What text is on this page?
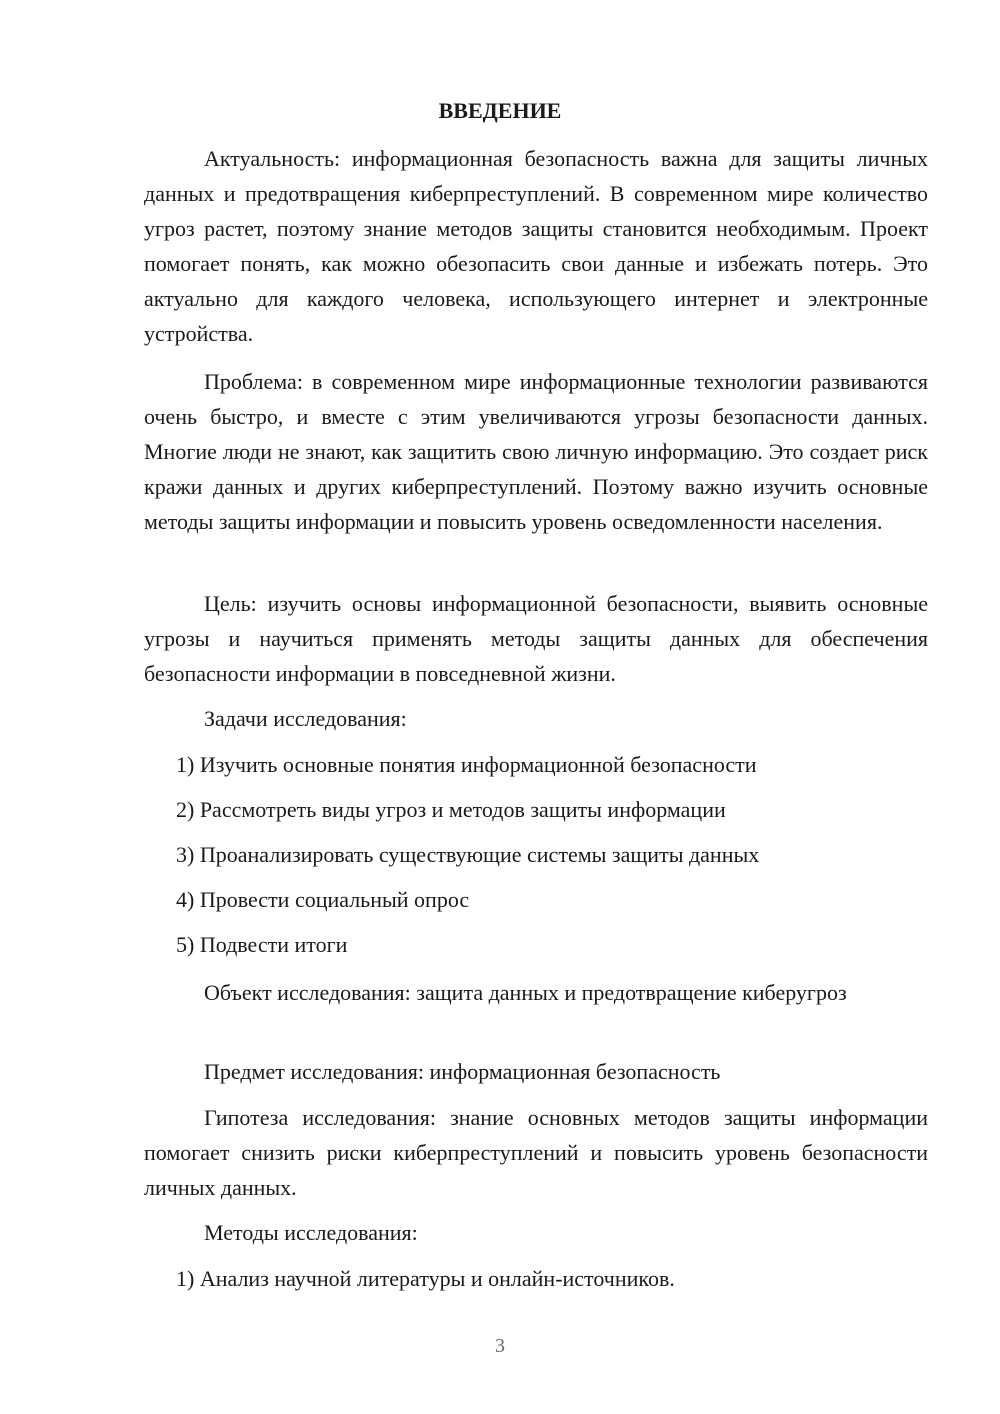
ВВЕДЕНИЕ

Актуальность: информационная безопасность важна для защиты личных данных и предотвращения киберпреступлений. В современном мире количество угроз растет, поэтому знание методов защиты становится необходимым. Проект помогает понять, как можно обезопасить свои данные и избежать потерь. Это актуально для каждого человека, использующего интернет и электронные устройства.

Проблема: в современном мире информационные технологии развиваются очень быстро, и вместе с этим увеличиваются угрозы безопасности данных. Многие люди не знают, как защитить свою личную информацию. Это создает риск кражи данных и других киберпреступлений. Поэтому важно изучить основные методы защиты информации и повысить уровень осведомленности населения.

Цель: изучить основы информационной безопасности, выявить основные угрозы и научиться применять методы защиты данных для обеспечения безопасности информации в повседневной жизни.

Задачи исследования:

1) Изучить основные понятия информационной безопасности

2) Рассмотреть виды угроз и методов защиты информации

3) Проанализировать существующие системы защиты данных

4) Провести социальный опрос

5) Подвести итоги

Объект исследования: защита данных и предотвращение киберугроз

Предмет исследования: информационная безопасность

Гипотеза исследования: знание основных методов защиты информации помогает снизить риски киберпреступлений и повысить уровень безопасности личных данных.

Методы исследования:

1) Анализ научной литературы и онлайн-источников.

3
